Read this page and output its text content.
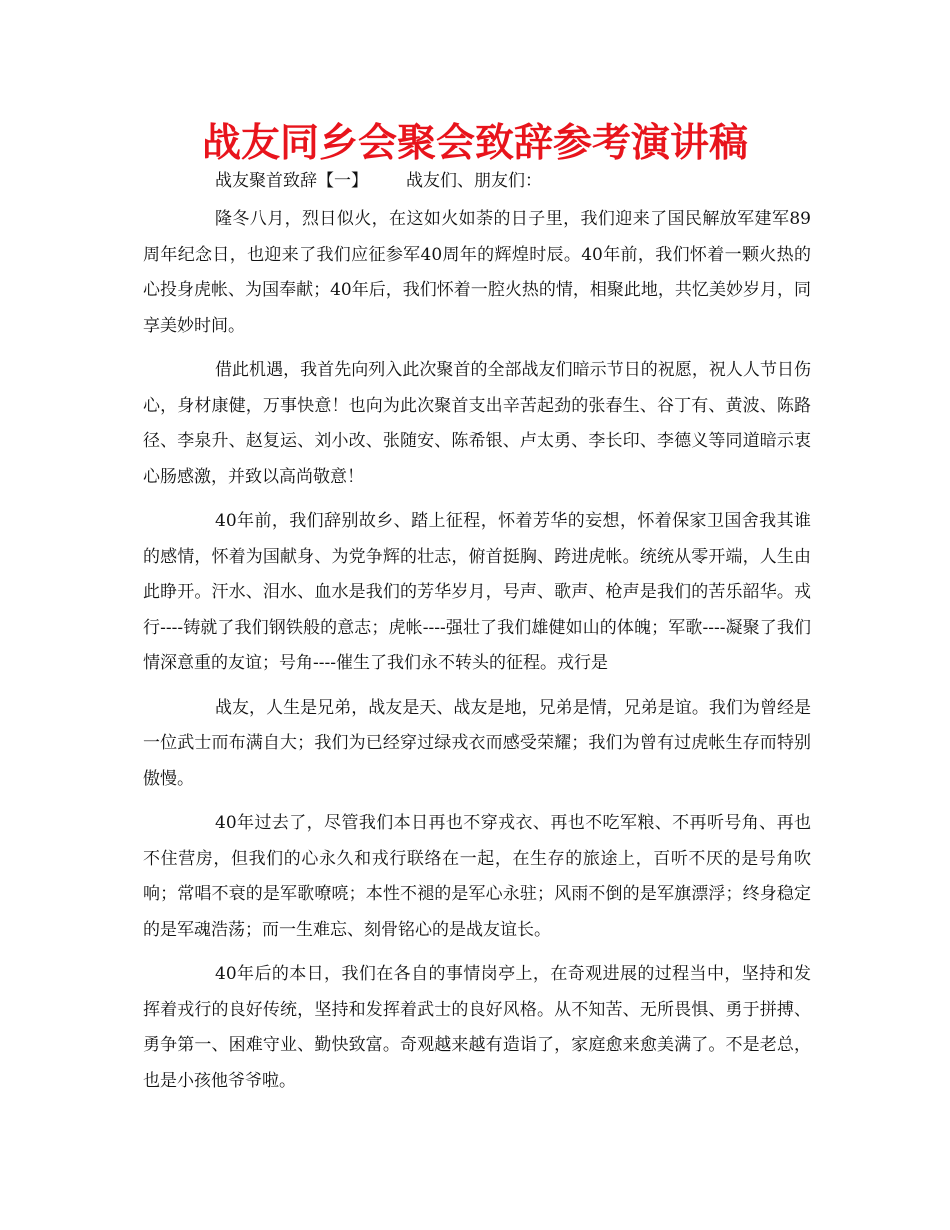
战友同乡会聚会致辞参考演讲稿
战友聚首致辞【一】 战友们、朋友们：

隆冬八月，烈日似火，在这如火如荼的日子里，我们迎来了国民解放军建军89周年纪念日，也迎来了我们应征参军40周年的辉煌时辰。40年前，我们怀着一颗火热的心投身虎帐、为国奉献；40年后，我们怀着一腔火热的情，相聚此地，共忆美妙岁月，同享美妙时间。

借此机遇，我首先向列入此次聚首的全部战友们暗示节日的祝愿，祝人人节日伤心，身材康健，万事快意！也向为此次聚首支出辛苦起劲的张春生、谷丁有、黄波、陈路径、李泉升、赵复运、刘小改、张随安、陈希银、卢太勇、李长印、李德义等同道暗示衷心肠感激，并致以高尚敬意！

40年前，我们辞别故乡、踏上征程，怀着芳华的妄想，怀着保家卫国舍我其谁的感情，怀着为国献身、为党争辉的壮志，俯首挺胸、跨进虎帐。统统从零开端，人生由此睁开。汗水、泪水、血水是我们的芳华岁月，号声、歌声、枪声是我们的苦乐韶华。戎行----铸就了我们钢铁般的意志；虎帐----强壮了我们雄健如山的体魄；军歌----凝聚了我们情深意重的友谊；号角----催生了我们永不转头的征程。戎行是

战友，人生是兄弟，战友是天、战友是地，兄弟是情，兄弟是谊。我们为曾经是一位武士而布满自大；我们为已经穿过绿戎衣而感受荣耀；我们为曾有过虎帐生存而特别傲慢。

40年过去了，尽管我们本日再也不穿戎衣、再也不吃军粮、不再听号角、再也不住营房，但我们的心永久和戎行联络在一起，在生存的旅途上，百听不厌的是号角吹响；常唱不衰的是军歌嘹喨；本性不褪的是军心永驻；风雨不倒的是军旗漂浮；终身稳定的是军魂浩荡；而一生难忘、刻骨铭心的是战友谊长。

40年后的本日，我们在各自的事情岗亭上，在奇观进展的过程当中，坚持和发挥着戎行的良好传统，坚持和发挥着武士的良好风格。从不知苦、无所畏惧、勇于拼搏、勇争第一、困难守业、勤快致富。奇观越来越有造诣了，家庭愈来愈美满了。不是老总，也是小孩他爷爷啦。
